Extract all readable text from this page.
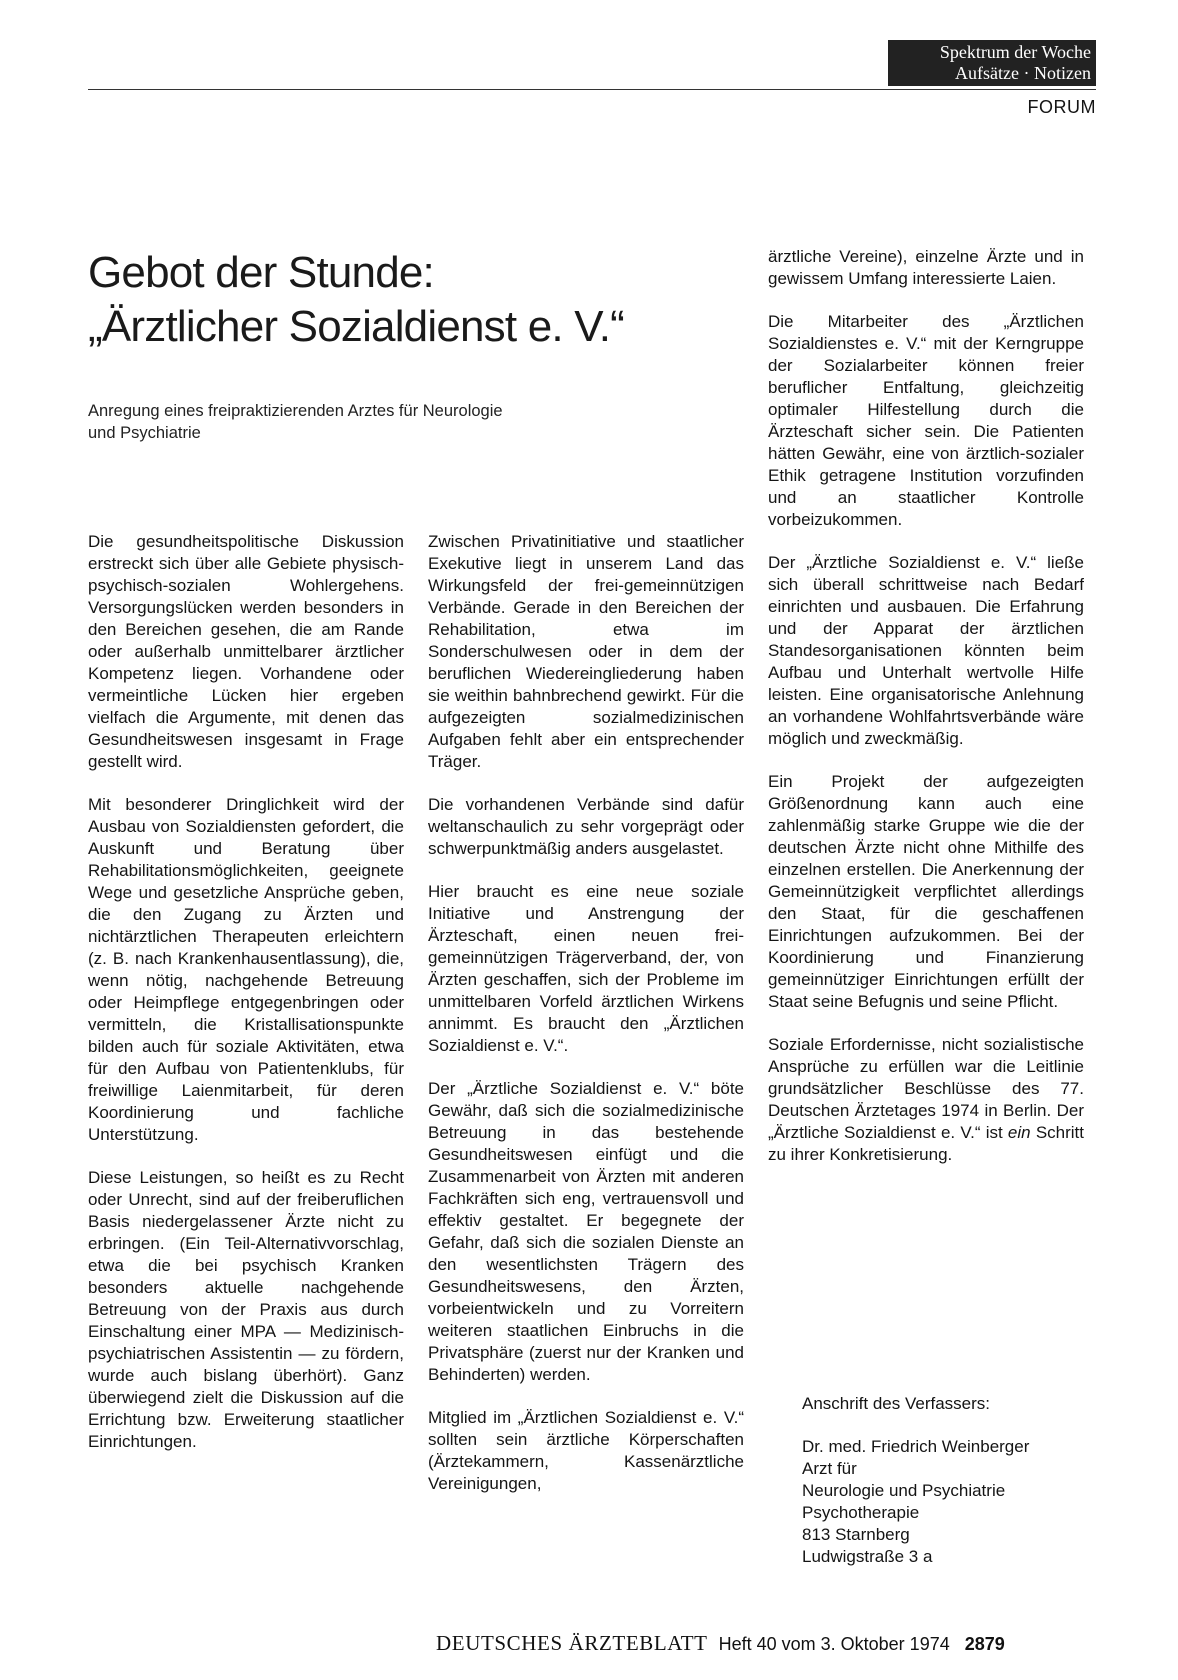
Spektrum der Woche
Aufsätze · Notizen
FORUM
Gebot der Stunde:
„Ärztlicher Sozialdienst e. V.“
Anregung eines freipraktizierenden Arztes für Neurologie und Psychiatrie

Die gesundheitspolitische Diskussion erstreckt sich über alle Gebiete physisch-psychisch-sozialen Wohlergehens. Versorgungslücken werden besonders in den Bereichen gesehen, die am Rande oder außerhalb unmittelbarer ärztlicher Kompetenz liegen. Vorhandene oder vermeintliche Lücken hier ergeben vielfach die Argumente, mit denen das Gesundheitswesen insgesamt in Frage gestellt wird.

Mit besonderer Dringlichkeit wird der Ausbau von Sozialdiensten gefordert, die Auskunft und Beratung über Rehabilitationsmöglichkeiten, geeignete Wege und gesetzliche Ansprüche geben, die den Zugang zu Ärzten und nichtärztlichen Therapeuten erleichtern (z. B. nach Krankenhausentlassung), die, wenn nötig, nachgehende Betreuung oder Heimpflege entgegenbringen oder vermitteln, die Kristallisationspunkte bilden auch für soziale Aktivitäten, etwa für den Aufbau von Patientenklubs, für freiwillige Laienmitarbeit, für deren Koordinierung und fachliche Unterstützung.

Diese Leistungen, so heißt es zu Recht oder Unrecht, sind auf der freiberuflichen Basis niedergelassener Ärzte nicht zu erbringen. (Ein Teil-Alternativvorschlag, etwa die bei psychisch Kranken besonders aktuelle nachgehende Betreuung von der Praxis aus durch Einschaltung einer MPA — Medizinisch-psychiatrischen Assistentin — zu fördern, wurde auch bislang überhört). Ganz überwiegend zielt die Diskussion auf die Errichtung bzw. Erweiterung staatlicher Einrichtungen.

Zwischen Privatinitiative und staatlicher Exekutive liegt in unserem Land das Wirkungsfeld der frei-gemeinnützigen Verbände. Gerade in den Bereichen der Rehabilitation, etwa im Sonderschulwesen oder in dem der beruflichen Wiedereingliederung haben sie weithin bahnbrechend gewirkt. Für die aufgezeigten sozialmedizinischen Aufgaben fehlt aber ein entsprechender Träger.

Die vorhandenen Verbände sind dafür weltanschaulich zu sehr vorgeprägt oder schwerpunktmäßig anders ausgelastet.

Hier braucht es eine neue soziale Initiative und Anstrengung der Ärzteschaft, einen neuen frei-gemeinnützigen Trägerverband, der, von Ärzten geschaffen, sich der Probleme im unmittelbaren Vorfeld ärztlichen Wirkens annimmt. Es braucht den „Ärztlichen Sozialdienst e. V.“.

Der „Ärztliche Sozialdienst e. V.“ böte Gewähr, daß sich die sozialmedizinische Betreuung in das bestehende Gesundheitswesen einfügt und die Zusammenarbeit von Ärzten mit anderen Fachkräften sich eng, vertrauensvoll und effektiv gestaltet. Er begegnete der Gefahr, daß sich die sozialen Dienste an den wesentlichsten Trägern des Gesundheitswesens, den Ärzten, vorbeientwickeln und zu Vorreitern weiteren staatlichen Einbruchs in die Privatsphäre (zuerst nur der Kranken und Behinderten) werden.

Mitglied im „Ärztlichen Sozialdienst e. V.“ sollten sein ärztliche Körperschaften (Ärztekammern, Kassenärztliche Vereinigungen,

ärztliche Vereine), einzelne Ärzte und in gewissem Umfang interessierte Laien.

Die Mitarbeiter des „Ärztlichen Sozialdienstes e. V.“ mit der Kerngruppe der Sozialarbeiter können freier beruflicher Entfaltung, gleichzeitig optimaler Hilfestellung durch die Ärzteschaft sicher sein. Die Patienten hätten Gewähr, eine von ärztlich-sozialer Ethik getragene Institution vorzufinden und an staatlicher Kontrolle vorbeizukommen.

Der „Ärztliche Sozialdienst e. V.“ ließe sich überall schrittweise nach Bedarf einrichten und ausbauen. Die Erfahrung und der Apparat der ärztlichen Standesorganisationen könnten beim Aufbau und Unterhalt wertvolle Hilfe leisten. Eine organisatorische Anlehnung an vorhandene Wohlfahrtsverbände wäre möglich und zweckmäßig.

Ein Projekt der aufgezeigten Größenordnung kann auch eine zahlenmäßig starke Gruppe wie die der deutschen Ärzte nicht ohne Mithilfe des einzelnen erstellen. Die Anerkennung der Gemeinnützigkeit verpflichtet allerdings den Staat, für die geschaffenen Einrichtungen aufzukommen. Bei der Koordinierung und Finanzierung gemeinnütziger Einrichtungen erfüllt der Staat seine Befugnis und seine Pflicht.

Soziale Erfordernisse, nicht sozialistische Ansprüche zu erfüllen war die Leitlinie grundsätzlicher Beschlüsse des 77. Deutschen Ärztetages 1974 in Berlin. Der „Ärztliche Sozialdienst e. V.“ ist ein Schritt zu ihrer Konkretisierung.

Anschrift des Verfassers:
Dr. med. Friedrich Weinberger
Arzt für
Neurologie und Psychiatrie
Psychotherapie
813 Starnberg
Ludwigstraße 3 a
DEUTSCHES ÄRZTEBLATT Heft 40 vom 3. Oktober 1974 2879
